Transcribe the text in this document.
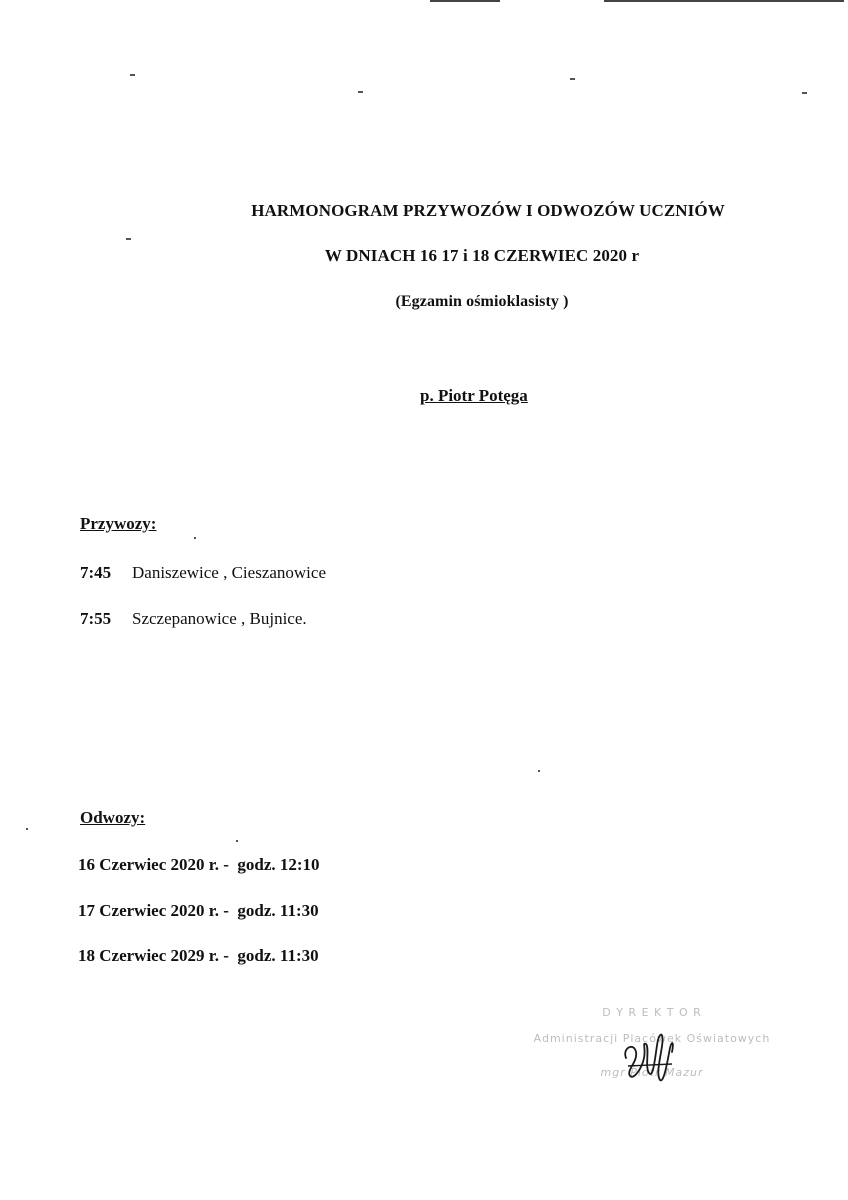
HARMONOGRAM PRZYWOZÓW I ODWOZÓW UCZNIÓW
W DNIACH 16 17 i 18 CZERWIEC 2020 r
(Egzamin ośmioklasisty )
p. Piotr Potęga
Przywozy:
7:45 Daniszewice , Cieszanowice
7:55 Szczepanowice , Bujnice.
Odwozy:
16 Czerwiec 2020 r. -  godz. 12:10
17 Czerwiec 2020 r. -  godz. 11:30
18 Czerwiec 2029 r. -  godz. 11:30
D Y R E K T O R
Administracji Placówek Oświatowych
mgr Piotr Mazur
